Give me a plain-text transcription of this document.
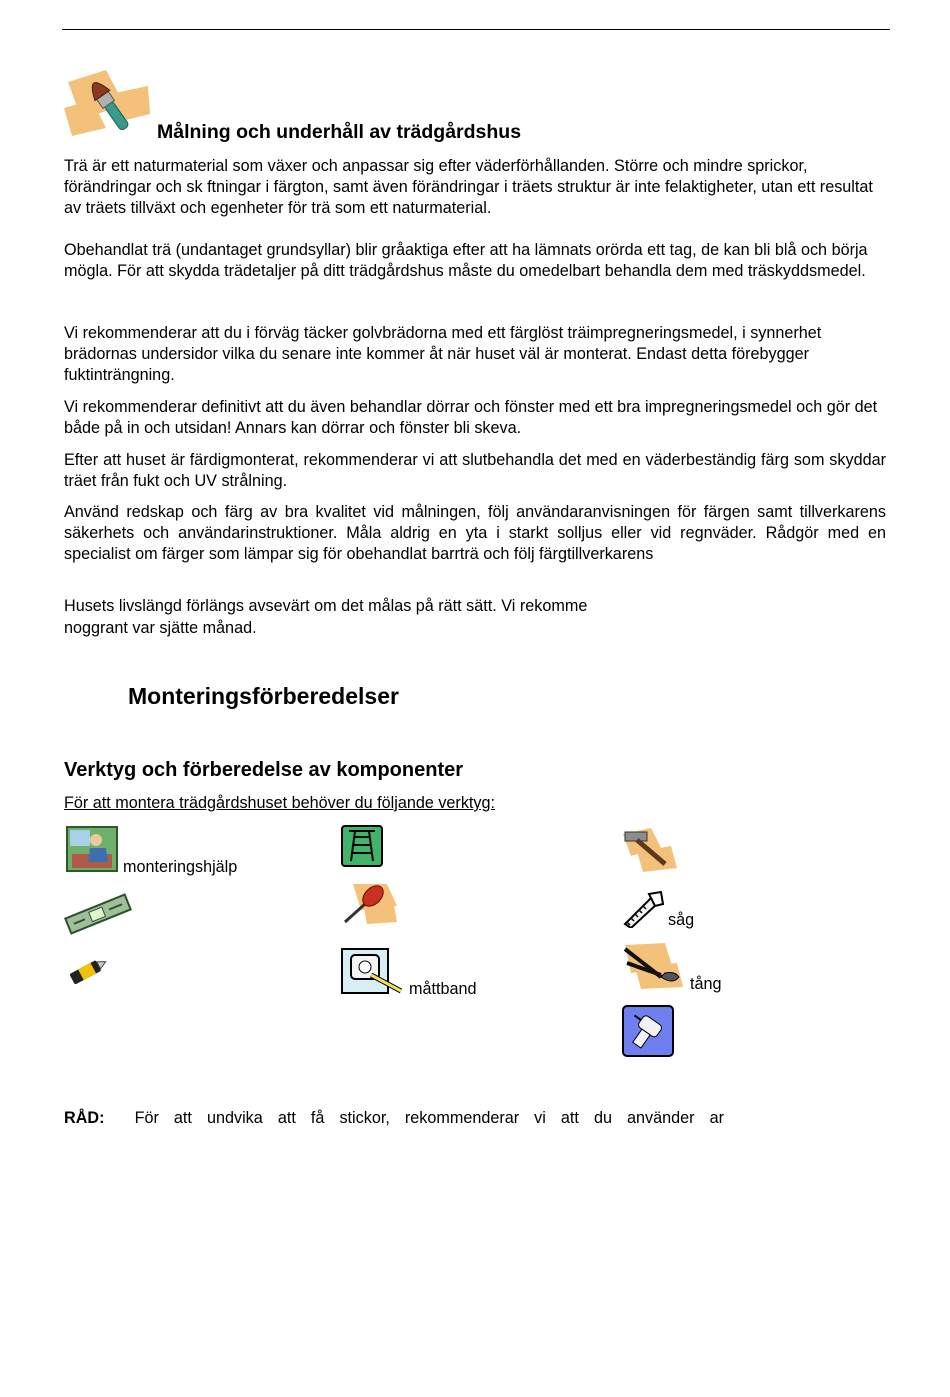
Målning och underhåll av trädgårdshus

Trä är ett naturmaterial som växer och anpassar sig efter väderförhållanden. Större och mindre sprickor, förändringar och sk ftningar i färgton, samt även förändringar i träets struktur är inte felaktigheter, utan ett resultat av träets tillväxt och egenheter för trä som ett naturmaterial.

Obehandlat trä (undantaget grundsyllar) blir gråaktiga efter att ha lämnats orörda ett tag, de kan bli blå och börja mögla. För att skydda trädetaljer på ditt trädgårdshus måste du omedelbart behandla dem med träskyddsmedel.

Vi rekommenderar att du i förväg täcker golvbrädorna med ett färglöst träimpregneringsmedel, i synnerhet brädornas undersidor vilka du senare inte kommer åt när huset väl är monterat. Endast detta förebygger fuktinträngning.

Vi rekommenderar definitivt att du även behandlar dörrar och fönster med ett bra impregneringsmedel och gör det både på in och utsidan! Annars kan dörrar och fönster bli skeva.

Efter att huset är färdigmonterat, rekommenderar vi att slutbehandla det med en väderbeständig färg som skyddar träet från fukt och UV strålning.

Använd redskap och färg av bra kvalitet vid målningen, följ användaranvisningen för färgen samt tillverkarens säkerhets och användarinstruktioner. Måla aldrig en yta i starkt solljus eller vid regnväder. Rådgör med en specialist om färger som lämpar sig för obehandlat barrträ och följ färgtillverkarens

Husets livslängd förlängs avsevärt om det målas på rätt sätt. Vi rekomme

noggrant var sjätte månad.

Monteringsförberedelser
Verktyg och förberedelse av komponenter
För att montera trädgårdshuset behöver du följande verktyg:
monteringshjälp
såg
måttband	tång
RÅD: För att undvika att få stickor, rekommenderar vi att du använder ar
